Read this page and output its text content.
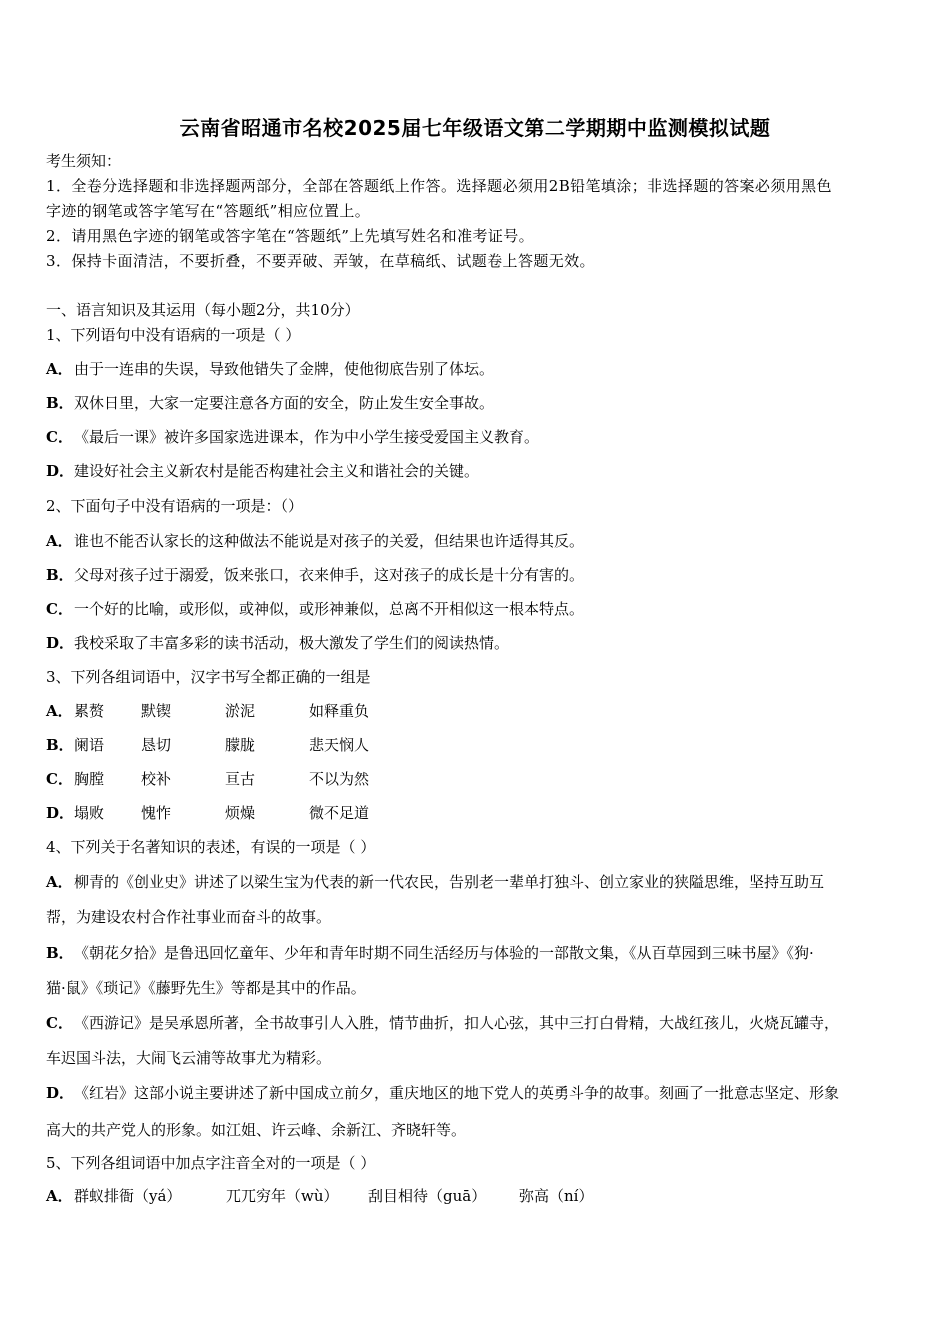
云南省昭通市名校2025届七年级语文第二学期期中监测模拟试题
考生须知：
1．全卷分选择题和非选择题两部分，全部在答题纸上作答。选择题必须用2B铅笔填涂；非选择题的答案必须用黑色
字迹的钢笔或答字笔写在“答题纸”相应位置上。
2．请用黑色字迹的钢笔或答字笔在“答题纸”上先填写姓名和准考证号。
3．保持卡面清洁，不要折叠，不要弄破、弄皱，在草稿纸、试题卷上答题无效。
一、语言知识及其运用（每小题2分，共10分）
1、下列语句中没有语病的一项是（ ）
A．由于一连串的失误，导致他错失了金牌，使他彻底告别了体坛。
B．双休日里，大家一定要注意各方面的安全，防止发生安全事故。
C．《最后一课》被许多国家选进课本，作为中小学生接受爱国主义教育。
D．建设好社会主义新农村是能否构建社会主义和谐社会的关键。
2、下面句子中没有语病的一项是：（）
A．谁也不能否认家长的这种做法不能说是对孩子的关爱，但结果也许适得其反。
B．父母对孩子过于溺爱，饭来张口，衣来伸手，这对孩子的成长是十分有害的。
C．一个好的比喻，或形似，或神似，或形神兼似，总离不开相似这一根本特点。
D．我校采取了丰富多彩的读书活动，极大激发了学生们的阅读热情。
3、下列各组词语中，汉字书写全都正确的一组是
A． 累赘 默锲	淤泥	如释重负
B． 阑语 恳切	朦胧	悲天悯人
C． 胸膛 校补	亘古	不以为然
D． 塌败 愧怍	烦燥	微不足道
4、下列关于名著知识的表述，有误的一项是（ ）
A．柳青的《创业史》讲述了以梁生宝为代表的新一代农民，告别老一辈单打独斗、创立家业的狭隘思维，坚持互助互
帮，为建设农村合作社事业而奋斗的故事。
B．《朝花夕拾》是鲁迅回忆童年、少年和青年时期不同生活经历与体验的一部散文集，《从百草园到三味书屋》《狗·
猫·鼠》《琐记》《藤野先生》等都是其中的作品。
C．《西游记》是吴承恩所著，全书故事引人入胜，情节曲折，扣人心弦，其中三打白骨精，大战红孩儿，火烧瓦罐寺，
车迟国斗法，大闹飞云浦等故事尤为精彩。
D．《红岩》这部小说主要讲述了新中国成立前夕，重庆地区的地下党人的英勇斗争的故事。刻画了一批意志坚定、形象
高大的共产党人的形象。如江姐、许云峰、余新江、齐晓轩等。
5、下列各组词语中加点字注音全对的一项是（ ）
A． 群蚁排衙（yá）	兀兀穷年（wù） 刮目相待（guā） 弥高（ní）
